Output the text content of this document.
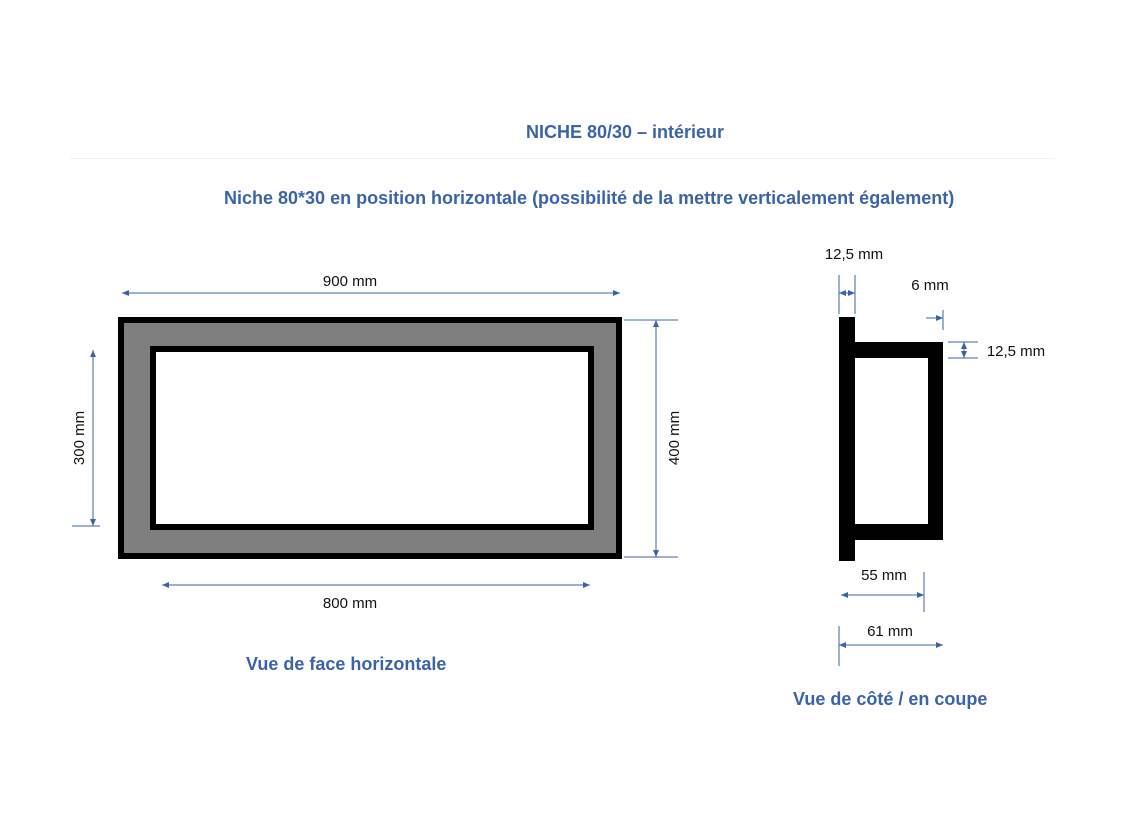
NICHE 80/30 – intérieur
Niche 80*30 en position horizontale (possibilité de la mettre verticalement également)
900 mm
800 mm
300 mm	400 mm
12,5 mm
6 mm
12,5 mm
55 mm
61 mm
Vue de face horizontale
Vue de côté / en coupe
